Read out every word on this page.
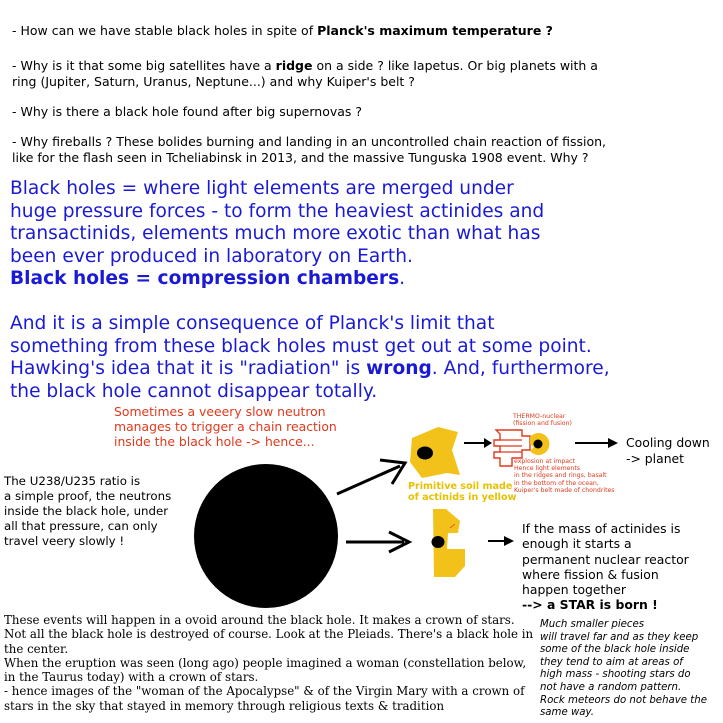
- How can we have stable black holes in spite of Planck's maximum temperature ?
- Why is it that some big satellites have a ridge on a side ? like Iapetus. Or big planets with a
ring (Jupiter, Saturn, Uranus, Neptune...) and why Kuiper's belt ?
- Why is there a black hole found after big supernovas ?
- Why fireballs ? These bolides burning and landing in an uncontrolled chain reaction of fission,
like for the flash seen in Tcheliabinsk in 2013, and the massive Tunguska 1908 event. Why ?
Black holes = where light elements are merged under
huge pressure forces - to form the heaviest actinides and
transactinids, elements much more exotic than what has
been ever produced in laboratory on Earth.
Black holes = compression chambers.
And it is a simple consequence of Planck's limit that
something from these black holes must get out at some point.
Hawking's idea that it is "radiation" is wrong. And, furthermore,
the black hole cannot disappear totally.
Sometimes a veeery slow neutron
manages to trigger a chain reaction
inside the black hole -> hence...
THERMO-nuclear
(fission and fusion)
explosion at impact
Hence light elements
in the ridges and rings, basalt
in the bottom of the ocean,
Kuiper's belt made of chondrites
Cooling down
-> planet
Primitive soil made
of actinids in yellow
The U238/U235 ratio is
a simple proof, the neutrons
inside the black hole, under
all that pressure, can only
travel veery slowly !
If the mass of actinides is
enough it starts a
permanent nuclear reactor
where fission & fusion
happen together
--> a STAR is born !
Much smaller pieces
will travel far and as they keep
some of the black hole inside
they tend to aim at areas of
high mass - shooting stars do
not have a random pattern.
Rock meteors do not behave the
same way.
These events will happen in a ovoid around the black hole. It makes a crown of stars.
Not all the black hole is destroyed of course. Look at the Pleiads. There's a black hole in
the center.
When the eruption was seen (long ago) people imagined a woman (constellation below,
in the Taurus today) with a crown of stars.
- hence images of the "woman of the Apocalypse" & of the Virgin Mary with a crown of
stars in the sky that stayed in memory through religious texts & tradition
